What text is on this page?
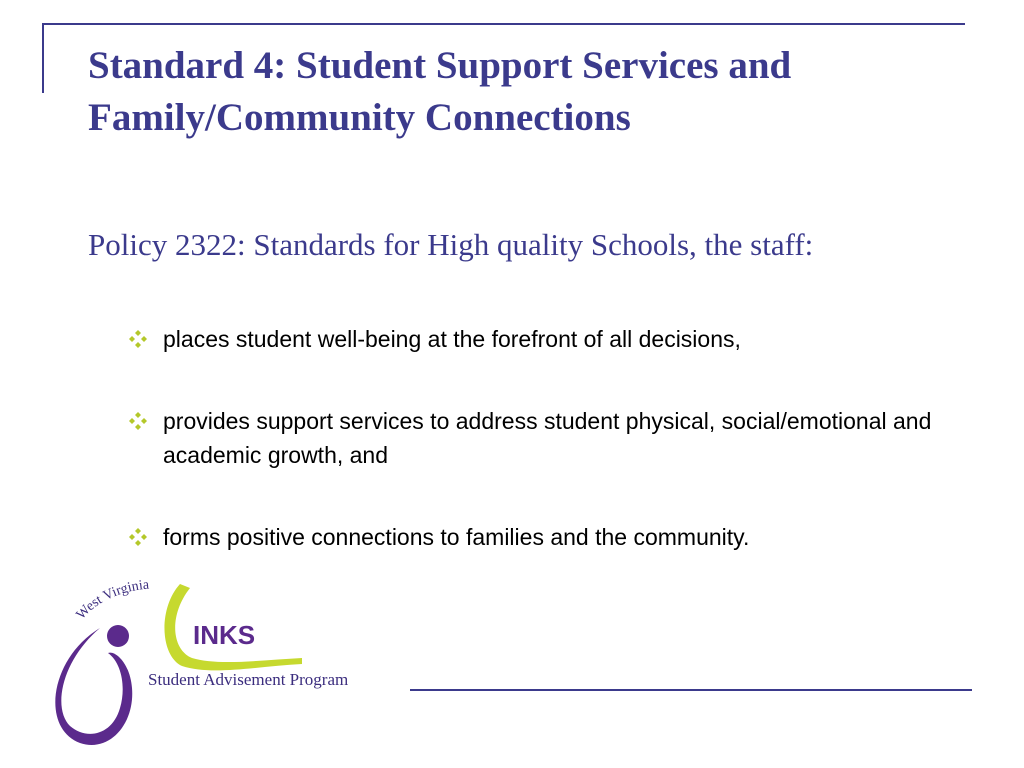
Standard 4: Student Support Services and
Family/Community Connections

Policy 2322: Standards for High quality Schools, the staff:

places student well-being at the forefront of all decisions,
provides support services to address student physical, social/emotional and academic growth, and
forms positive connections to families and the community.
West Virginia
INKS

Student Advisement Program
